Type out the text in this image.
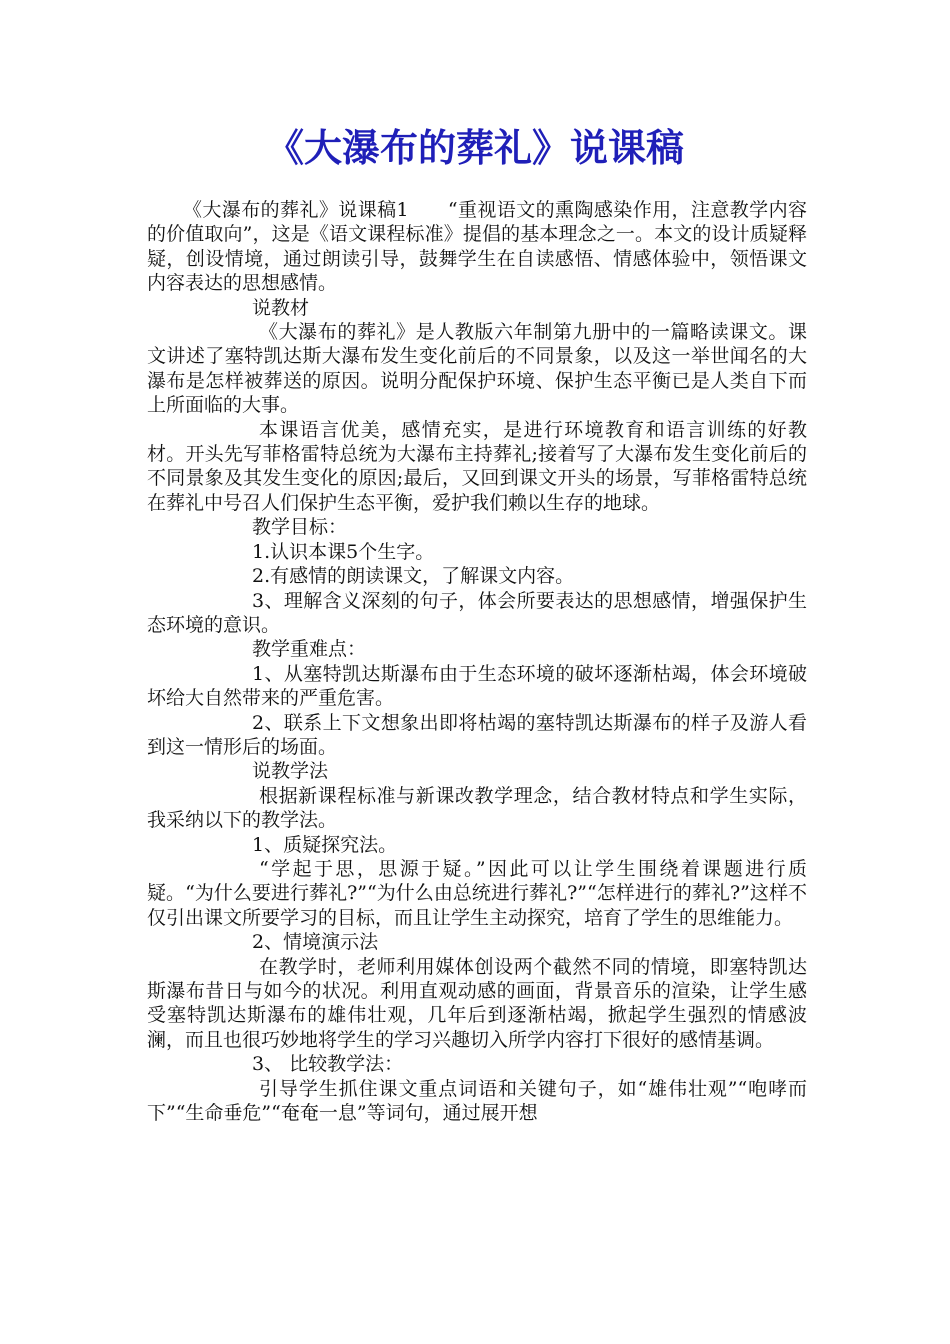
《大瀑布的葬礼》说课稿

《大瀑布的葬礼》说课稿1　　“重视语文的熏陶感染作用，注意教学内容的价值取向”，这是《语文课程标准》提倡的基本理念之一。本文的设计质疑释疑，创设情境，通过朗读引导，鼓舞学生在自读感悟、情感体验中，领悟课文内容表达的思想感情。

说教材

《大瀑布的葬礼》是人教版六年制第九册中的一篇略读课文。课文讲述了塞特凯达斯大瀑布发生变化前后的不同景象，以及这一举世闻名的大瀑布是怎样被葬送的原因。说明分配保护环境、保护生态平衡已是人类自下而上所面临的大事。

本课语言优美，感情充实，是进行环境教育和语言训练的好教材。开头先写菲格雷特总统为大瀑布主持葬礼;接着写了大瀑布发生变化前后的不同景象及其发生变化的原因;最后，又回到课文开头的场景，写菲格雷特总统在葬礼中号召人们保护生态平衡，爱护我们赖以生存的地球。

教学目标：

1.认识本课5个生字。

2.有感情的朗读课文，了解课文内容。

3、理解含义深刻的句子，体会所要表达的思想感情，增强保护生态环境的意识。

教学重难点：

1、从塞特凯达斯瀑布由于生态环境的破坏逐渐枯竭，体会环境破坏给大自然带来的严重危害。

2、联系上下文想象出即将枯竭的塞特凯达斯瀑布的样子及游人看到这一情形后的场面。

说教学法

根据新课程标准与新课改教学理念，结合教材特点和学生实际，我采纳以下的教学法。

1、质疑探究法。

“学起于思，思源于疑。”因此可以让学生围绕着课题进行质疑。“为什么要进行葬礼?”“为什么由总统进行葬礼?”“怎样进行的葬礼?”这样不仅引出课文所要学习的目标，而且让学生主动探究，培育了学生的思维能力。

2、情境演示法

在教学时，老师利用媒体创设两个截然不同的情境，即塞特凯达斯瀑布昔日与如今的状况。利用直观动感的画面，背景音乐的渲染，让学生感受塞特凯达斯瀑布的雄伟壮观，几年后到逐渐枯竭，掀起学生强烈的情感波澜，而且也很巧妙地将学生的学习兴趣切入所学内容打下很好的感情基调。

3、 比较教学法：

引导学生抓住课文重点词语和关键句子，如“雄伟壮观”“咆哮而下”“生命垂危”“奄奄一息”等词句，通过展开想
